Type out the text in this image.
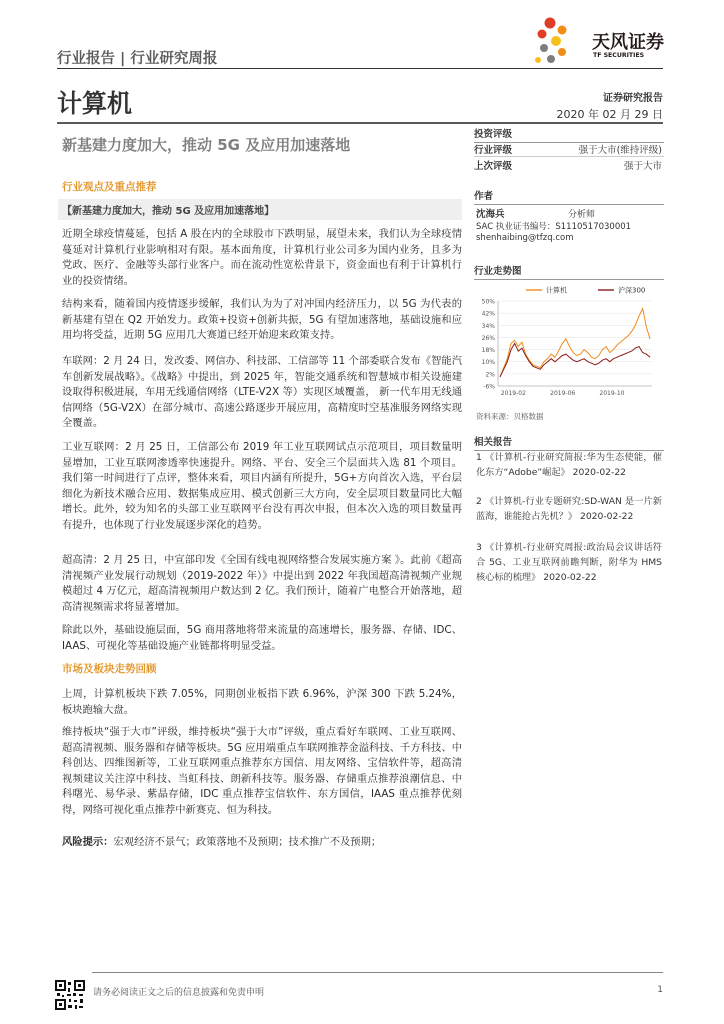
行业报告 | 行业研究周报
天风证券
TF SECURITIES
计算机	证券研究报告
2020 年 02 月 29 日
新基建力度加大，推动 5G 及应用加速落地
行业观点及重点推荐
【新基建力度加大，推动 5G 及应用加速落地】
近期全球疫情蔓延，包括 A 股在内的全球股市下跌明显，展望未来，我们认为全球疫情蔓延对计算机行业影响相对有限。基本面角度，计算机行业公司多为国内业务，且多为党政、医疗、金融等头部行业客户。而在流动性宽松背景下，资金面也有利于计算机行业的投资情绪。
结构来看，随着国内疫情逐步缓解，我们认为为了对冲国内经济压力，以 5G 为代表的新基建有望在 Q2 开始发力。政策+投资+创新共振，5G 有望加速落地，基础设施和应用均将受益，近期 5G 应用几大赛道已经开始迎来政策支持。
车联网：2 月 24 日，发改委、网信办、科技部、工信部等 11 个部委联合发布《智能汽车创新发展战略》。《战略》中提出，到 2025 年，智能交通系统和智慧城市相关设施建设取得积极进展，车用无线通信网络（LTE-V2X 等）实现区域覆盖， 新一代车用无线通信网络（5G-V2X）在部分城市、高速公路逐步开展应用，高精度时空基准服务网络实现全覆盖。
工业互联网：2 月 25 日，工信部公布 2019 年工业互联网试点示范项目，项目数量明显增加，工业互联网渗透率快速提升。网络、平台、安全三个层面共入选 81 个项目。我们第一时间进行了点评，整体来看，项目内涵有所提升，5G+方向首次入选，平台层细化为新技术融合应用、数据集成应用、模式创新三大方向，安全层项目数量同比大幅增长。此外，较为知名的头部工业互联网平台没有再次申报，但本次入选的项目数量再有提升，也体现了行业发展逐步深化的趋势。
超高清：2 月 25 日，中宣部印发《全国有线电视网络整合发展实施方案 》。此前《超高清视频产业发展行动规划（2019-2022 年）》中提出到 2022 年我国超高清视频产业规模超过 4 万亿元，超高清视频用户数达到 2 亿。我们预计，随着广电整合开始落地，超高清视频需求将显著增加。
除此以外，基础设施层面，5G 商用落地将带来流量的高速增长，服务器、存储、IDC、IAAS、可视化等基础设施产业链都将明显受益。
市场及板块走势回顾
上周，计算机板块下跌 7.05%，同期创业板指下跌 6.96%，沪深 300 下跌 5.24%，板块跑输大盘。
维持板块“强于大市”评级，维持板块“强于大市”评级，重点看好车联网、工业互联网、超高清视频、服务器和存储等板块。5G 应用端重点车联网推荐金溢科技、千方科技、中科创达、四维图新等，工业互联网重点推荐东方国信、用友网络、宝信软件等，超高清视频建议关注淳中科技、当虹科技、朗新科技等。服务器、存储重点推荐浪潮信息、中科曙光、易华录、紫晶存储，IDC 重点推荐宝信软件、东方国信，IAAS 重点推荐优刻得，网络可视化重点推荐中新赛克、恒为科技。
风险提示：宏观经济不景气；政策落地不及预期；技术推广不及预期；
投资评级
行业评级	强于大市(维持评级)
上次评级	强于大市
作者
沈海兵	分析师
SAC 执业证书编号：S1110517030001
shenhaibing@tfzq.com
行业走势图
50%
42%
34%
26%
18%
10%
2%
-6%
2019-02	2019-06	2019-10
计算机	沪深300
资料来源：贝格数据
相关报告
1 《计算机-行业研究简报:华为生态使能，催化东方“Adobe”崛起》 2020-02-22
2 《计算机-行业专题研究:SD-WAN 是一片新蓝海，谁能抢占先机？》 2020-02-22
3 《计算机-行业研究周报:政治局会议讲话符合 5G、工业互联网前瞻判断，附华为 HMS 核心标的梳理》 2020-02-22
请务必阅读正文之后的信息披露和免责申明	1
